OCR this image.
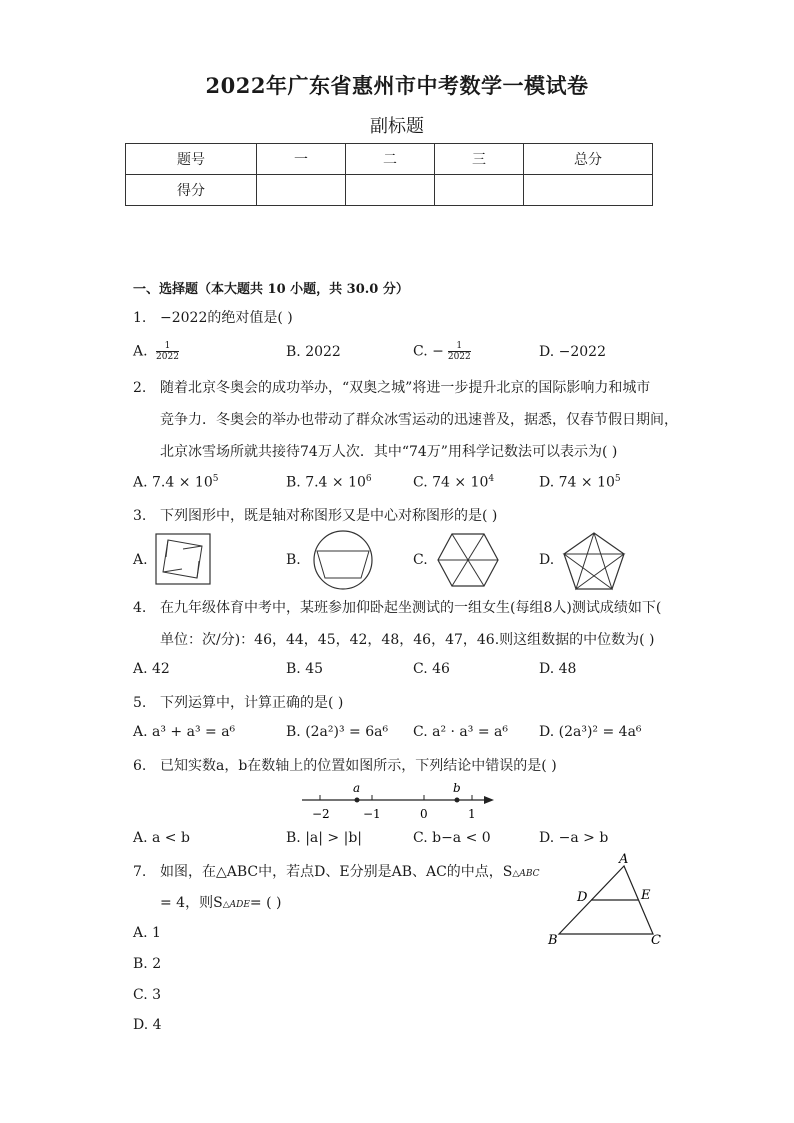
2022年广东省惠州市中考数学一模试卷
副标题
题号	一	二	三	总分
得分				
一、选择题（本大题共 10 小题，共 30.0 分）
1. −2022的绝对值是( )
A. $\frac{1}{2022}$	B. 2022	C. − $\frac{1}{2022}$	D. −2022
2. 随着北京冬奥会的成功举办，“双奥之城”将进一步提升北京的国际影响力和城市
竞争力．冬奥会的举办也带动了群众冰雪运动的迅速普及，据悉，仅春节假日期间，
北京冰雪场所就共接待74万人次．其中“74万”用科学记数法可以表示为( )
A. $7.4 \times 10^5$	B. $7.4 \times 10^6$	C. $74 \times 10^4$	D. $74 \times 10^5$
3. 下列图形中，既是轴对称图形又是中心对称图形的是( )
A.	B.	C.	D.
4. 在九年级体育中考中，某班参加仰卧起坐测试的一组女生(每组8人)测试成绩如下(
单位：次/分)：46，44，45，42，48，46，47，46.则这组数据的中位数为( )
A. 42	B. 45	C. 46	D. 48
5. 下列运算中，计算正确的是( )
A. a³ + a³ = a⁶	B. (2a²)³ = 6a⁶ C. a² · a³ = a⁶ D. (2a³)² = 4a⁶
6. 已知实数a，b在数轴上的位置如图所示，下列结论中错误的是( )
a	b
−2	−1	0	1
A. a < b	B. |a| > |b|	C. b−a < 0	D. −a > b
7. 如图，在△ABC中，若点D、E分别是AB、AC的中点，S△ABC
= 4，则S△ADE= ( )
A
D	E
B	C
A. 1
B. 2
C. 3
D. 4
